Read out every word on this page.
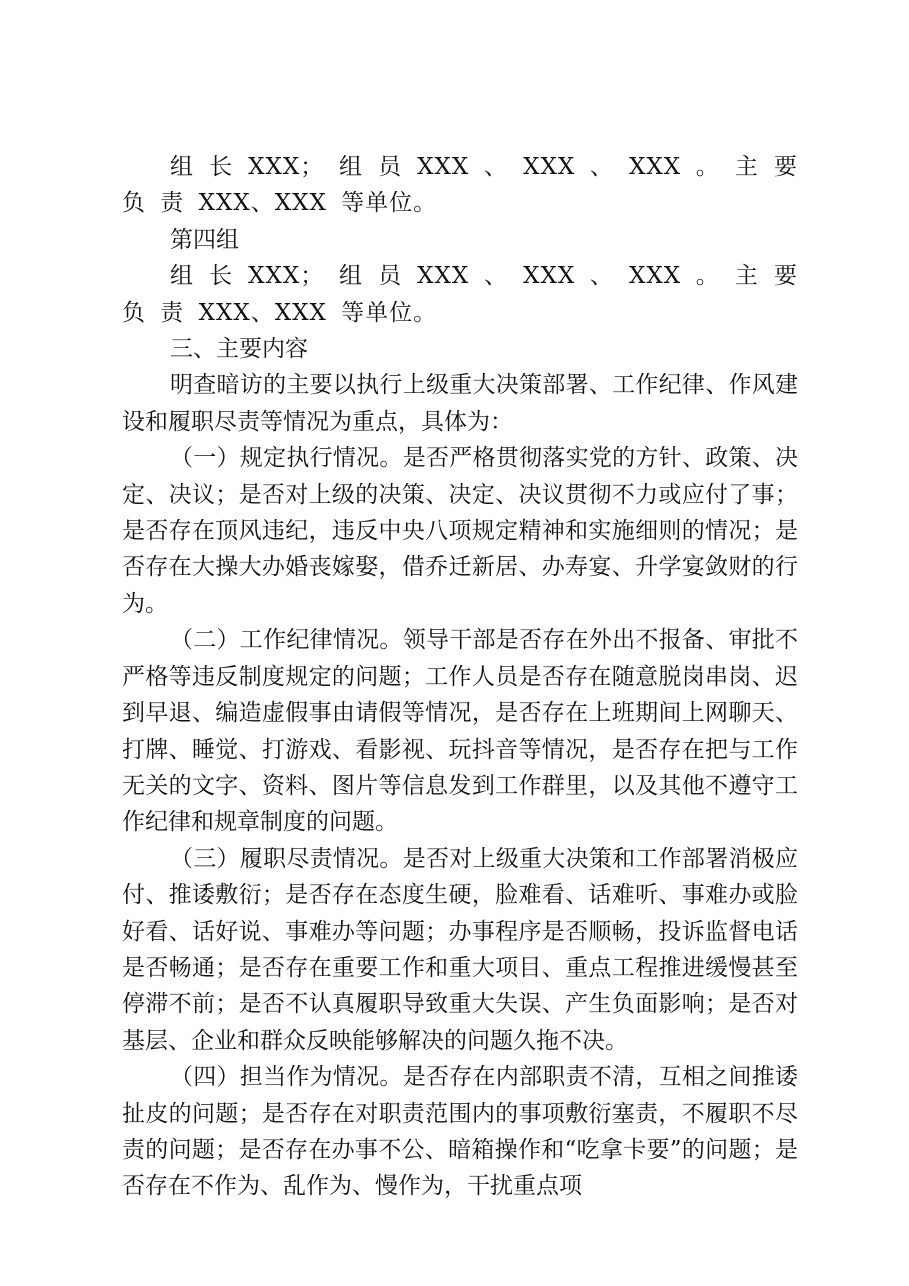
组 长 XXX； 组 员 XXX 、 XXX 、 XXX 。 主 要 负 责 XXX、XXX 等单位。

第四组

组 长 XXX； 组 员 XXX 、 XXX 、 XXX 。 主 要 负 责 XXX、XXX 等单位。

三、主要内容

明查暗访的主要以执行上级重大决策部署、工作纪律、作风建设和履职尽责等情况为重点，具体为：

（一）规定执行情况。是否严格贯彻落实党的方针、政策、决定、决议；是否对上级的决策、决定、决议贯彻不力或应付了事；是否存在顶风违纪，违反中央八项规定精神和实施细则的情况；是否存在大操大办婚丧嫁娶，借乔迁新居、办寿宴、升学宴敛财的行为。

（二）工作纪律情况。领导干部是否存在外出不报备、审批不严格等违反制度规定的问题；工作人员是否存在随意脱岗串岗、迟到早退、编造虚假事由请假等情况，是否存在上班期间上网聊天、打牌、睡觉、打游戏、看影视、玩抖音等情况，是否存在把与工作无关的文字、资料、图片等信息发到工作群里，以及其他不遵守工作纪律和规章制度的问题。

（三）履职尽责情况。是否对上级重大决策和工作部署消极应付、推诿敷衍；是否存在态度生硬，脸难看、话难听、事难办或脸好看、话好说、事难办等问题；办事程序是否顺畅，投诉监督电话是否畅通；是否存在重要工作和重大项目、重点工程推进缓慢甚至停滞不前；是否不认真履职导致重大失误、产生负面影响；是否对基层、企业和群众反映能够解决的问题久拖不决。

（四）担当作为情况。是否存在内部职责不清，互相之间推诿扯皮的问题；是否存在对职责范围内的事项敷衍塞责，不履职不尽责的问题；是否存在办事不公、暗箱操作和“吃拿卡要”的问题；是否存在不作为、乱作为、慢作为，干扰重点项
